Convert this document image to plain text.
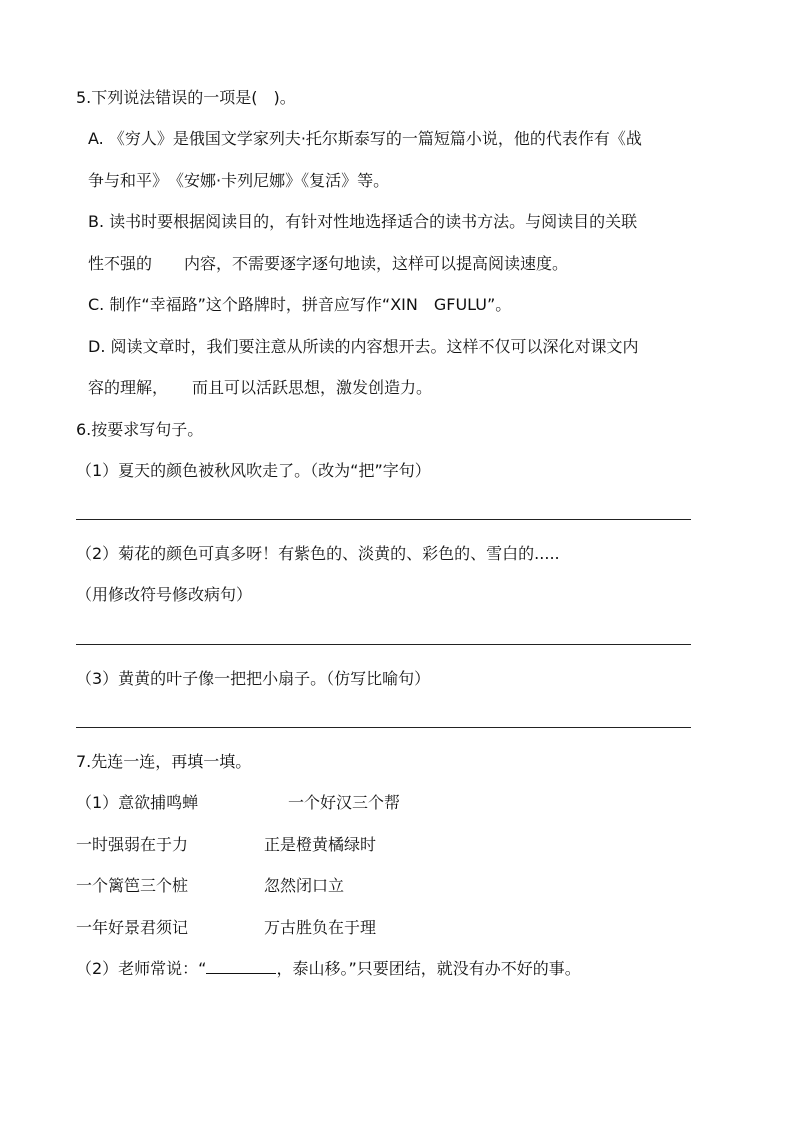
5.下列说法错误的一项是(　)。
A. 《穷人》是俄国文学家列夫·托尔斯泰写的一篇短篇小说，他的代表作有《战
争与和平》　《安娜·卡列尼娜》《复活》等。
B. 读书时要根据阅读目的，有针对性地选择适合的读书方法。与阅读目的关联
性不强的　　内容，不需要逐字逐句地读，这样可以提高阅读速度。
C. 制作“幸福路”这个路牌时，拼音应写作“XIN　GFULU”。
D. 阅读文章时，我们要注意从所读的内容想开去。这样不仅可以深化对课文内
容的理解，　　而且可以活跃思想，激发创造力。
6.按要求写句子。
（1）夏天的颜色被秋风吹走了。（改为“把”字句）
（2）菊花的颜色可真多呀！有紫色的、淡黄的、彩色的、雪白的.....
（用修改符号修改病句）
（3）黄黄的叶子像一把把小扇子。（仿写比喻句）
7.先连一连，再填一填。
（1）意欲捕鸣蝉	一个好汉三个帮
一时强弱在于力	正是橙黄橘绿时
一个篱笆三个桩	忽然闭口立
一年好景君须记	万古胜负在于理
（2）老师常说：“	，泰山移。”只要团结，就没有办不好的事。
